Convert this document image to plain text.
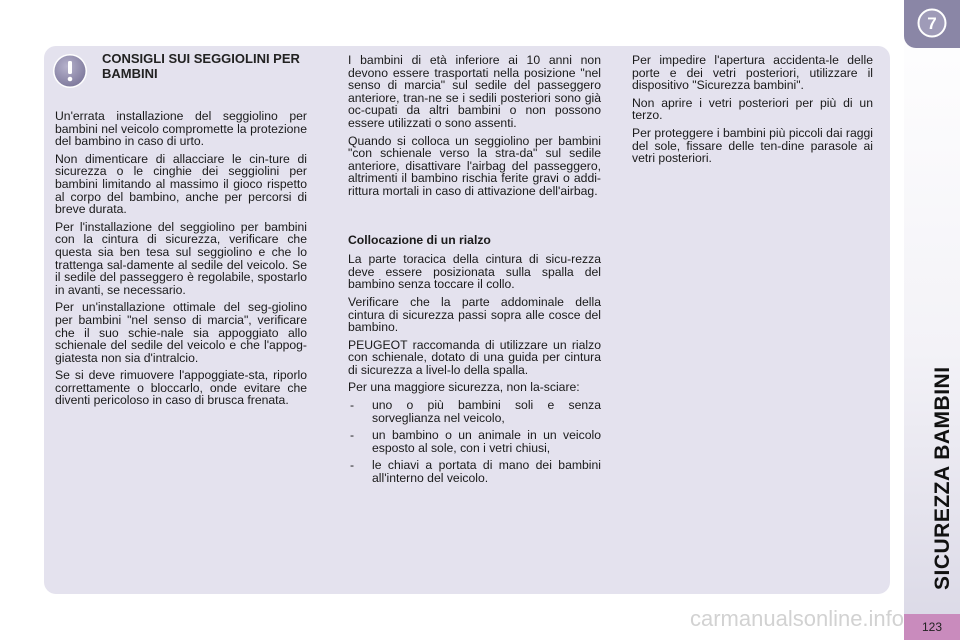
7
SICUREZZA BAMBINI
123
CONSIGLI SUI SEGGIOLINI PER BAMBINI

Un'errata installazione del seggiolino per bambini nel veicolo compromette la protezione del bambino in caso di urto.

Non dimenticare di allacciare le cin-ture di sicurezza o le cinghie dei seggiolini per bambini limitando al massimo il gioco rispetto al corpo del bambino, anche per percorsi di breve durata.

Per l'installazione del seggiolino per bambini con la cintura di sicurezza, verificare che questa sia ben tesa sul seggiolino e che lo trattenga sal-damente al sedile del veicolo. Se il sedile del passeggero è regolabile, spostarlo in avanti, se necessario.

Per un'installazione ottimale del seg-giolino per bambini "nel senso di marcia", verificare che il suo schie-nale sia appoggiato allo schienale del sedile del veicolo e che l'appog-giatesta non sia d'intralcio.

Se si deve rimuovere l'appoggiate-sta, riporlo correttamente o bloccarlo, onde evitare che diventi pericoloso in caso di brusca frenata.

I bambini di età inferiore ai 10 anni non devono essere trasportati nella posizione "nel senso di marcia" sul sedile del passeggero anteriore, tran-ne se i sedili posteriori sono già oc-cupati da altri bambini o non possono essere utilizzati o sono assenti.

Quando si colloca un seggiolino per bambini "con schienale verso la stra-da" sul sedile anteriore, disattivare l'airbag del passeggero, altrimenti il bambino rischia ferite gravi o addi-rittura mortali in caso di attivazione dell'airbag.

Collocazione di un rialzo

La parte toracica della cintura di sicu-rezza deve essere posizionata sulla spalla del bambino senza toccare il collo.

Verificare che la parte addominale della cintura di sicurezza passi sopra alle cosce del bambino.

PEUGEOT raccomanda di utilizzare un rialzo con schienale, dotato di una guida per cintura di sicurezza a livel-lo della spalla.

Per una maggiore sicurezza, non la-sciare:

- uno o più bambini soli e senza sorveglianza nel veicolo,
- un bambino o un animale in un veicolo esposto al sole, con i vetri chiusi,
- le chiavi a portata di mano dei bambini all'interno del veicolo.

Per impedire l'apertura accidenta-le delle porte e dei vetri posteriori, utilizzare il dispositivo "Sicurezza bambini".

Non aprire i vetri posteriori per più di un terzo.

Per proteggere i bambini più piccoli dai raggi del sole, fissare delle ten-dine parasole ai vetri posteriori.

carmanualsonline.info
